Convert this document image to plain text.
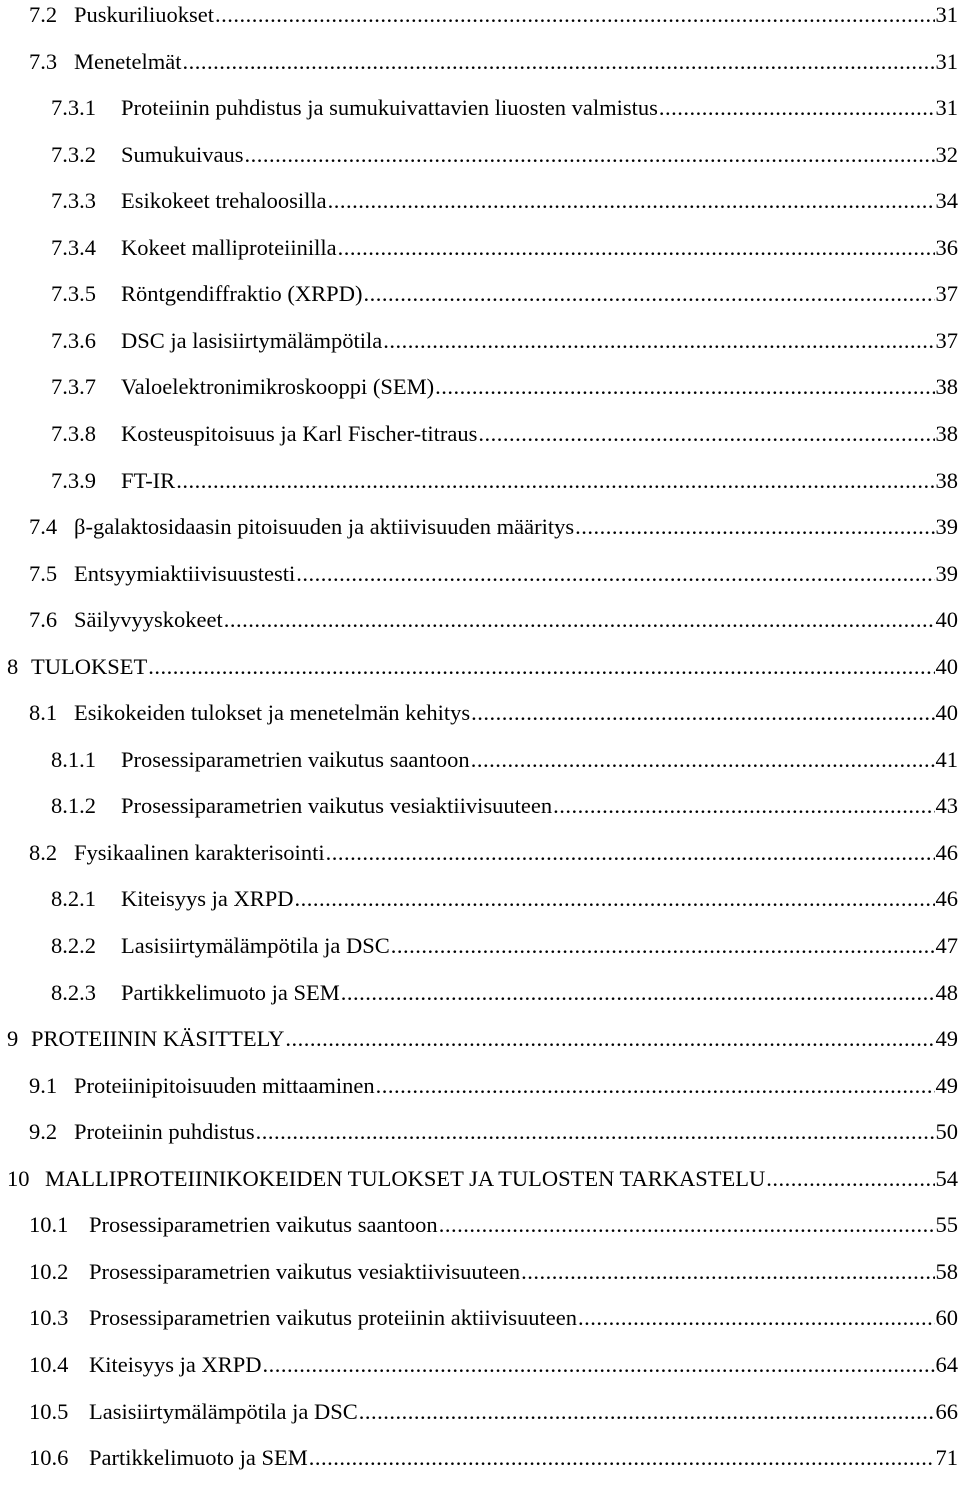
7.2 Puskuriliuokset .....	31
7.3 Menetelmät .....	31
7.3.1	Proteiinin puhdistus ja sumukuivattavien liuosten valmistus .....	31
7.3.2	Sumukuivaus .....	32
7.3.3	Esikokeet trehaloosilla .....	34
7.3.4	Kokeet malliproteiinilla .....	36
7.3.5	Röntgendiffraktio (XRPD) .....	37
7.3.6	DSC ja lasisiirtymälämpötila .....	37
7.3.7	Valoelektronimikroskooppi (SEM) .....	38
7.3.8	Kosteuspitoisuus ja Karl Fischer-titraus .....	38
7.3.9	FT-IR .....	38
7.4 β-galaktosidaasin pitoisuuden ja aktiivisuuden määritys .....	39
7.5 Entsyymiaktiivisuustesti .....	39
7.6 Säilyvyyskokeet .....	40
8 TULOKSET .....	40
8.1 Esikokeiden tulokset ja menetelmän kehitys .....	40
8.1.1	Prosessiparametrien vaikutus saantoon .....	41
8.1.2	Prosessiparametrien vaikutus vesiaktiivisuuteen .....	43
8.2 Fysikaalinen karakterisointi .....	46
8.2.1	Kiteisyys ja XRPD .....	46
8.2.2	Lasisiirtymälämpötila ja DSC .....	47
8.2.3	Partikkelimuoto ja SEM .....	48
9 PROTEIININ KÄSITTELY .....	49
9.1 Proteiinipitoisuuden mittaaminen .....	49
9.2 Proteiinin puhdistus .....	50
10 MALLIPROTEIINIKOKEIDEN TULOKSET JA TULOSTEN TARKASTELU .....	54
10.1 Prosessiparametrien vaikutus saantoon .....	55
10.2 Prosessiparametrien vaikutus vesiaktiivisuuteen .....	58
10.3 Prosessiparametrien vaikutus proteiinin aktiivisuuteen .....	60
10.4 Kiteisyys ja XRPD .....	64
10.5 Lasisiirtymälämpötila ja DSC .....	66
10.6 Partikkelimuoto ja SEM .....	71
